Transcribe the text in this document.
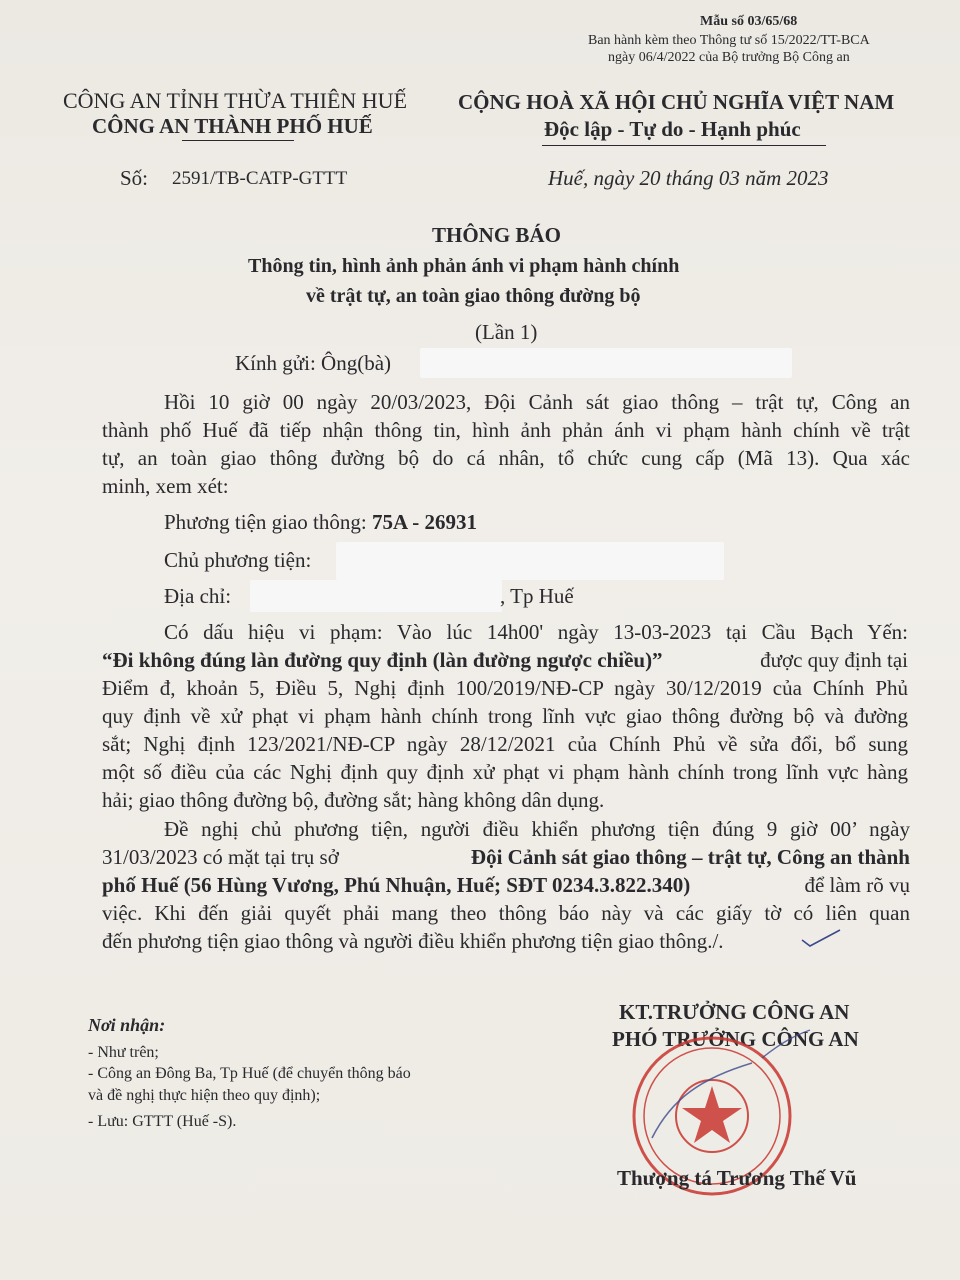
Mẫu số 03/65/68
Ban hành kèm theo Thông tư số 15/2022/TT-BCA
ngày 06/4/2022 của Bộ trưởng Bộ Công an
CÔNG AN TỈNH THỪA THIÊN HUẾ
CÔNG AN THÀNH PHỐ HUẾ
CỘNG HOÀ XÃ HỘI CHỦ NGHĨA VIỆT NAM
Độc lập - Tự do - Hạnh phúc
Số: 2591/TB-CATP-GTTT	Huế, ngày 20 tháng 03 năm 2023
THÔNG BÁO
Thông tin, hình ảnh phản ánh vi phạm hành chính
về trật tự, an toàn giao thông đường bộ
(Lần 1)
Kính gửi: Ông(bà)
Hồi 10 giờ 00 ngày 20/03/2023, Đội Cảnh sát giao thông – trật tự, Công an
thành phố Huế đã tiếp nhận thông tin, hình ảnh phản ánh vi phạm hành chính về trật
tự, an toàn giao thông đường bộ do cá nhân, tổ chức cung cấp (Mã 13). Qua xác
minh, xem xét:
Phương tiện giao thông: 75A - 26931
Chủ phương tiện:
Địa chỉ:	, Tp Huế
Có dấu hiệu vi phạm: Vào lúc 14h00' ngày 13-03-2023 tại Cầu Bạch Yến:
“Đi không đúng làn đường quy định (làn đường ngược chiều)”	được quy định tại
Điểm đ, khoản 5, Điều 5, Nghị định 100/2019/NĐ-CP ngày 30/12/2019 của Chính Phủ
quy định về xử phạt vi phạm hành chính trong lĩnh vực giao thông đường bộ và đường
sắt; Nghị định 123/2021/NĐ-CP ngày 28/12/2021 của Chính Phủ về sửa đổi, bổ sung
một số điều của các Nghị định quy định xử phạt vi phạm hành chính trong lĩnh vực hàng
hải; giao thông đường bộ, đường sắt; hàng không dân dụng.
Đề nghị chủ phương tiện, người điều khiển phương tiện đúng 9 giờ 00’ ngày
31/03/2023 có mặt tại trụ sở	Đội Cảnh sát giao thông – trật tự, Công an thành
phố Huế (56 Hùng Vương, Phú Nhuận, Huế; SĐT 0234.3.822.340)	để làm rõ vụ
việc. Khi đến giải quyết phải mang theo thông báo này và các giấy tờ có liên quan
đến phương tiện giao thông và người điều khiển phương tiện giao thông./.
Nơi nhận:
- Như trên;
- Công an Đông Ba, Tp Huế (để chuyển thông báo
và đề nghị thực hiện theo quy định);
- Lưu: GTTT (Huế -S).
KT.TRƯỞNG CÔNG AN
PHÓ TRƯỞNG CÔNG AN
Thượng tá Trương Thế Vũ
